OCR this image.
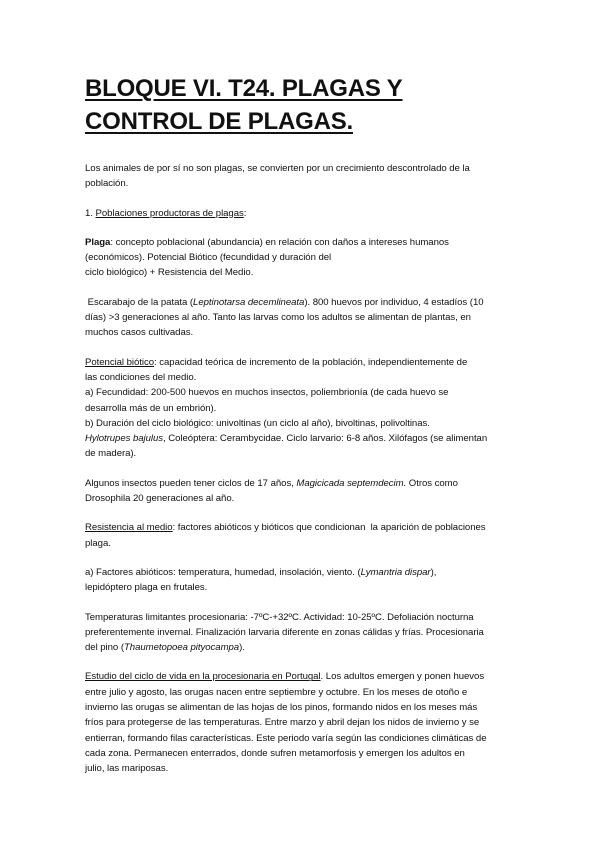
BLOQUE VI. T24. PLAGAS Y CONTROL DE PLAGAS.

Los animales de por sí no son plagas, se convierten por un crecimiento descontrolado de la
población.

1. Poblaciones productoras de plagas:

Plaga: concepto poblacional (abundancia) en relación con daños a intereses humanos
(económicos). Potencial Biótico (fecundidad y duración del
ciclo biológico) + Resistencia del Medio.

Escarabajo de la patata (Leptinotarsa decemlineata). 800 huevos por individuo, 4 estadíos (10
días) >3 generaciones al año. Tanto las larvas como los adultos se alimentan de plantas, en
muchos casos cultivadas.

Potencial biótico: capacidad teórica de incremento de la población, independientemente de
las condiciones del medio.
a) Fecundidad: 200-500 huevos en muchos insectos, poliembrionía (de cada huevo se
desarrolla más de un embrión).
b) Duración del ciclo biológico: univoltinas (un ciclo al año), bivoltinas, polivoltinas.
Hylotrupes bajulus, Coleóptera: Cerambycidae. Ciclo larvario: 6-8 años. Xilófagos (se alimentan
de madera).

Algunos insectos pueden tener ciclos de 17 años, Magicicada septemdecim. Otros como
Drosophila 20 generaciones al año.

Resistencia al medio: factores abióticos y bióticos que condicionan  la aparición de poblaciones
plaga.

a) Factores abióticos: temperatura, humedad, insolación, viento. (Lymantria dispar),
lepidóptero plaga en frutales.

Temperaturas limitantes procesionaria: -7ºC-+32ºC. Actividad: 10-25ºC. Defoliación nocturna
preferentemente invernal. Finalización larvaria diferente en zonas cálidas y frías. Procesionaria
del pino (Thaumetopoea pityocampa).

Estudio del ciclo de vida en la procesionaria en Portugal. Los adultos emergen y ponen huevos
entre julio y agosto, las orugas nacen entre septiembre y octubre. En los meses de otoño e
invierno las orugas se alimentan de las hojas de los pinos, formando nidos en los meses más
fríos para protegerse de las temperaturas. Entre marzo y abril dejan los nidos de invierno y se
entierran, formando filas características. Este periodo varía según las condiciones climáticas de
cada zona. Permanecen enterrados, donde sufren metamorfosis y emergen los adultos en
julio, las mariposas.
